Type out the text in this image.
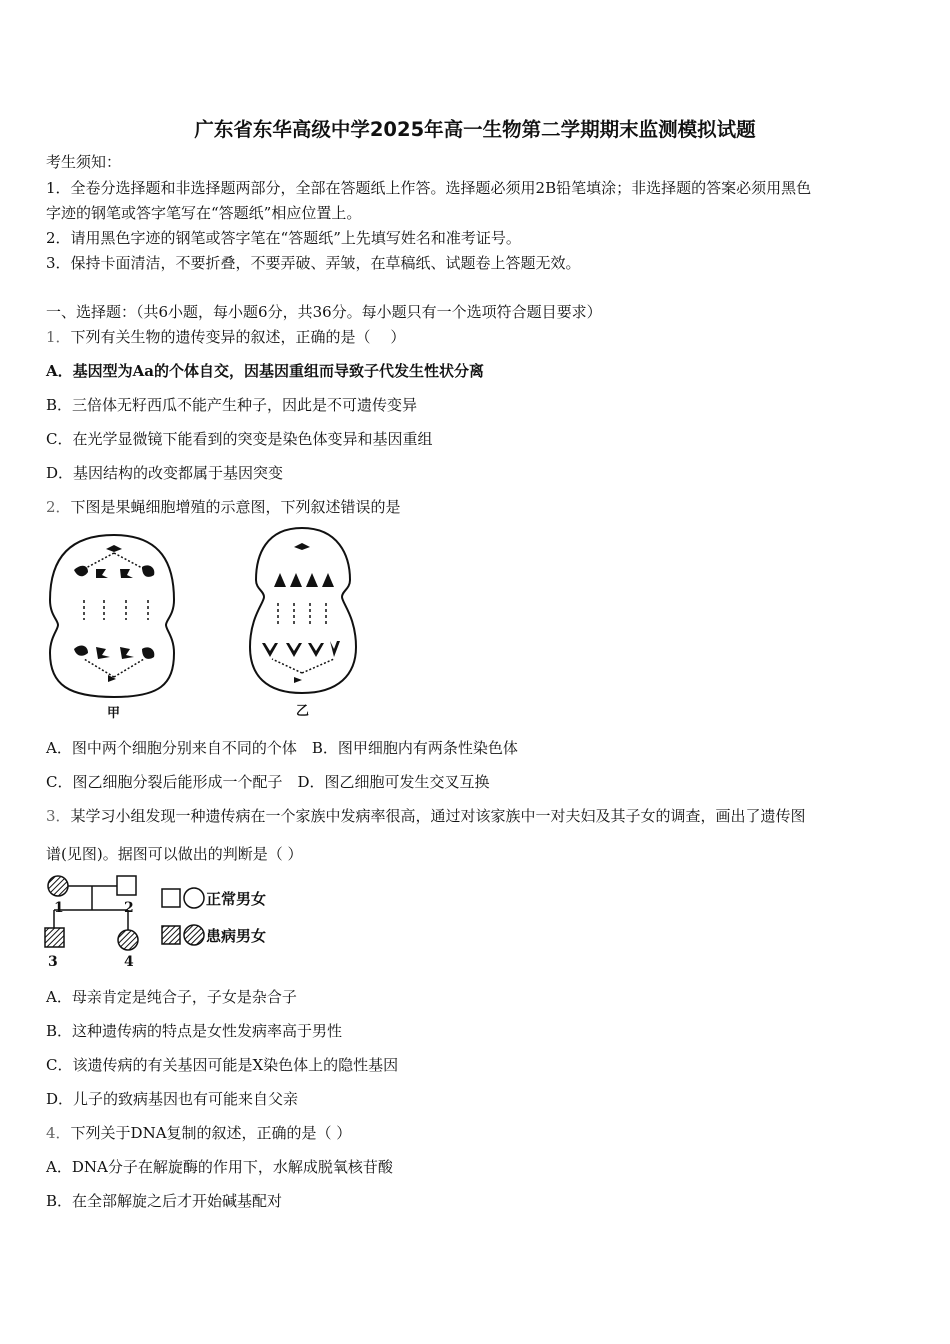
广东省东华高级中学2025年高一生物第二学期期末监测模拟试题
考生须知：
1．全卷分选择题和非选择题两部分，全部在答题纸上作答。选择题必须用2B铅笔填涂；非选择题的答案必须用黑色
字迹的钢笔或答字笔写在“答题纸”相应位置上。
2．请用黑色字迹的钢笔或答字笔在“答题纸”上先填写姓名和准考证号。
3．保持卡面清洁，不要折叠，不要弄破、弄皱，在草稿纸、试题卷上答题无效。
一、选择题：（共6小题，每小题6分，共36分。每小题只有一个选项符合题目要求）
1．下列有关生物的遗传变异的叙述，正确的是（　 ）
A．基因型为Aa的个体自交，因基因重组而导致子代发生性状分离
B．三倍体无籽西瓜不能产生种子，因此是不可遗传变异
C．在光学显微镜下能看到的突变是染色体变异和基因重组
D．基因结构的改变都属于基因突变
2．下图是果蝇细胞增殖的示意图，下列叙述错误的是
甲	乙
A．图中两个细胞分别来自不同的个体　B．图甲细胞内有两条性染色体
C．图乙细胞分裂后能形成一个配子　D．图乙细胞可发生交叉互换
3．某学习小组发现一种遗传病在一个家族中发病率很高，通过对该家族中一对夫妇及其子女的调查，画出了遗传图
谱(见图)。据图可以做出的判断是（ ）
1	2
3	4
正常男女
患病男女
A．母亲肯定是纯合子，子女是杂合子
B．这种遗传病的特点是女性发病率高于男性
C．该遗传病的有关基因可能是X染色体上的隐性基因
D．儿子的致病基因也有可能来自父亲
4．下列关于DNA复制的叙述，正确的是（ ）
A．DNA分子在解旋酶的作用下，水解成脱氧核苷酸
B．在全部解旋之后才开始碱基配对
